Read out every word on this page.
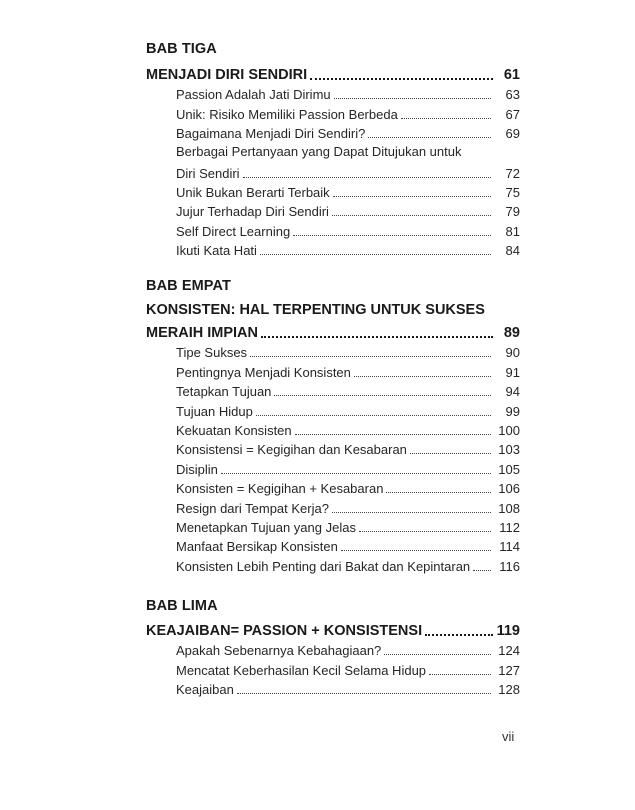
BAB TIGA
MENJADI DIRI SENDIRI	61
Passion Adalah Jati Dirimu	63
Unik: Risiko Memiliki Passion Berbeda	67
Bagaimana Menjadi Diri Sendiri?	69
Berbagai Pertanyaan yang Dapat Ditujukan untuk
Diri Sendiri	72
Unik Bukan Berarti Terbaik	75
Jujur Terhadap Diri Sendiri	79
Self Direct Learning	81
Ikuti Kata Hati	84
BAB EMPAT
KONSISTEN: HAL TERPENTING UNTUK SUKSES
MERAIH IMPIAN	89
Tipe Sukses	90
Pentingnya Menjadi Konsisten	91
Tetapkan Tujuan	94
Tujuan Hidup	99
Kekuatan Konsisten	100
Konsistensi = Kegigihan dan Kesabaran	103
Disiplin	105
Konsisten = Kegigihan + Kesabaran	106
Resign dari Tempat Kerja?	108
Menetapkan Tujuan yang Jelas	112
Manfaat Bersikap Konsisten	114
Konsisten Lebih Penting dari Bakat dan Kepintaran	116
BAB LIMA
KEAJAIBAN= PASSION + KONSISTENSI	119
Apakah Sebenarnya Kebahagiaan?	124
Mencatat Keberhasilan Kecil Selama Hidup	127
Keajaiban	128
vii
